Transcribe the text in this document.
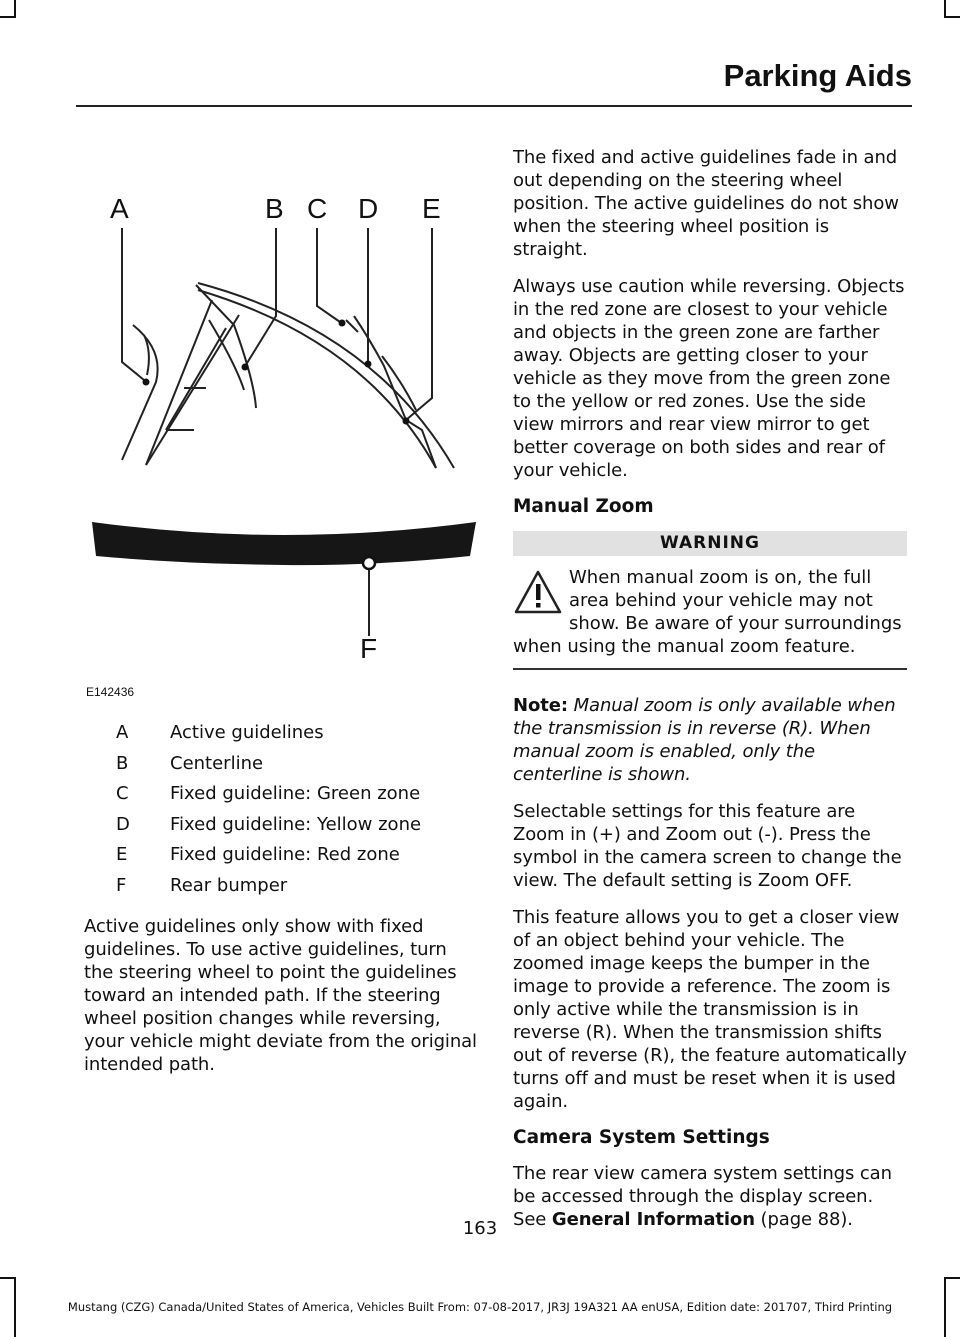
Parking Aids
A	B C D E
F
E142436
A	Active guidelines
B	Centerline
C	Fixed guideline: Green zone
D	Fixed guideline: Yellow zone
E	Fixed guideline: Red zone
F	Rear bumper

Active guidelines only show with fixed guidelines. To use active guidelines, turn the steering wheel to point the guidelines toward an intended path. If the steering wheel position changes while reversing, your vehicle might deviate from the original intended path.

The fixed and active guidelines fade in and out depending on the steering wheel position. The active guidelines do not show when the steering wheel position is straight.

Always use caution while reversing. Objects in the red zone are closest to your vehicle and objects in the green zone are farther away. Objects are getting closer to your vehicle as they move from the green zone to the yellow or red zones. Use the side view mirrors and rear view mirror to get better coverage on both sides and rear of your vehicle.

Manual Zoom
WARNING
When manual zoom is on, the full area behind your vehicle may not show. Be aware of your surroundings when using the manual zoom feature.

Note: Manual zoom is only available when the transmission is in reverse (R). When manual zoom is enabled, only the centerline is shown.

Selectable settings for this feature are Zoom in (+) and Zoom out (-). Press the symbol in the camera screen to change the view. The default setting is Zoom OFF.

This feature allows you to get a closer view of an object behind your vehicle. The zoomed image keeps the bumper in the image to provide a reference. The zoom is only active while the transmission is in reverse (R). When the transmission shifts out of reverse (R), the feature automatically turns off and must be reset when it is used again.

Camera System Settings

The rear view camera system settings can be accessed through the display screen. See General Information (page 88).

163
Mustang (CZG) Canada/United States of America, Vehicles Built From: 07-08-2017, JR3J 19A321 AA enUSA, Edition date: 201707, Third Printing
